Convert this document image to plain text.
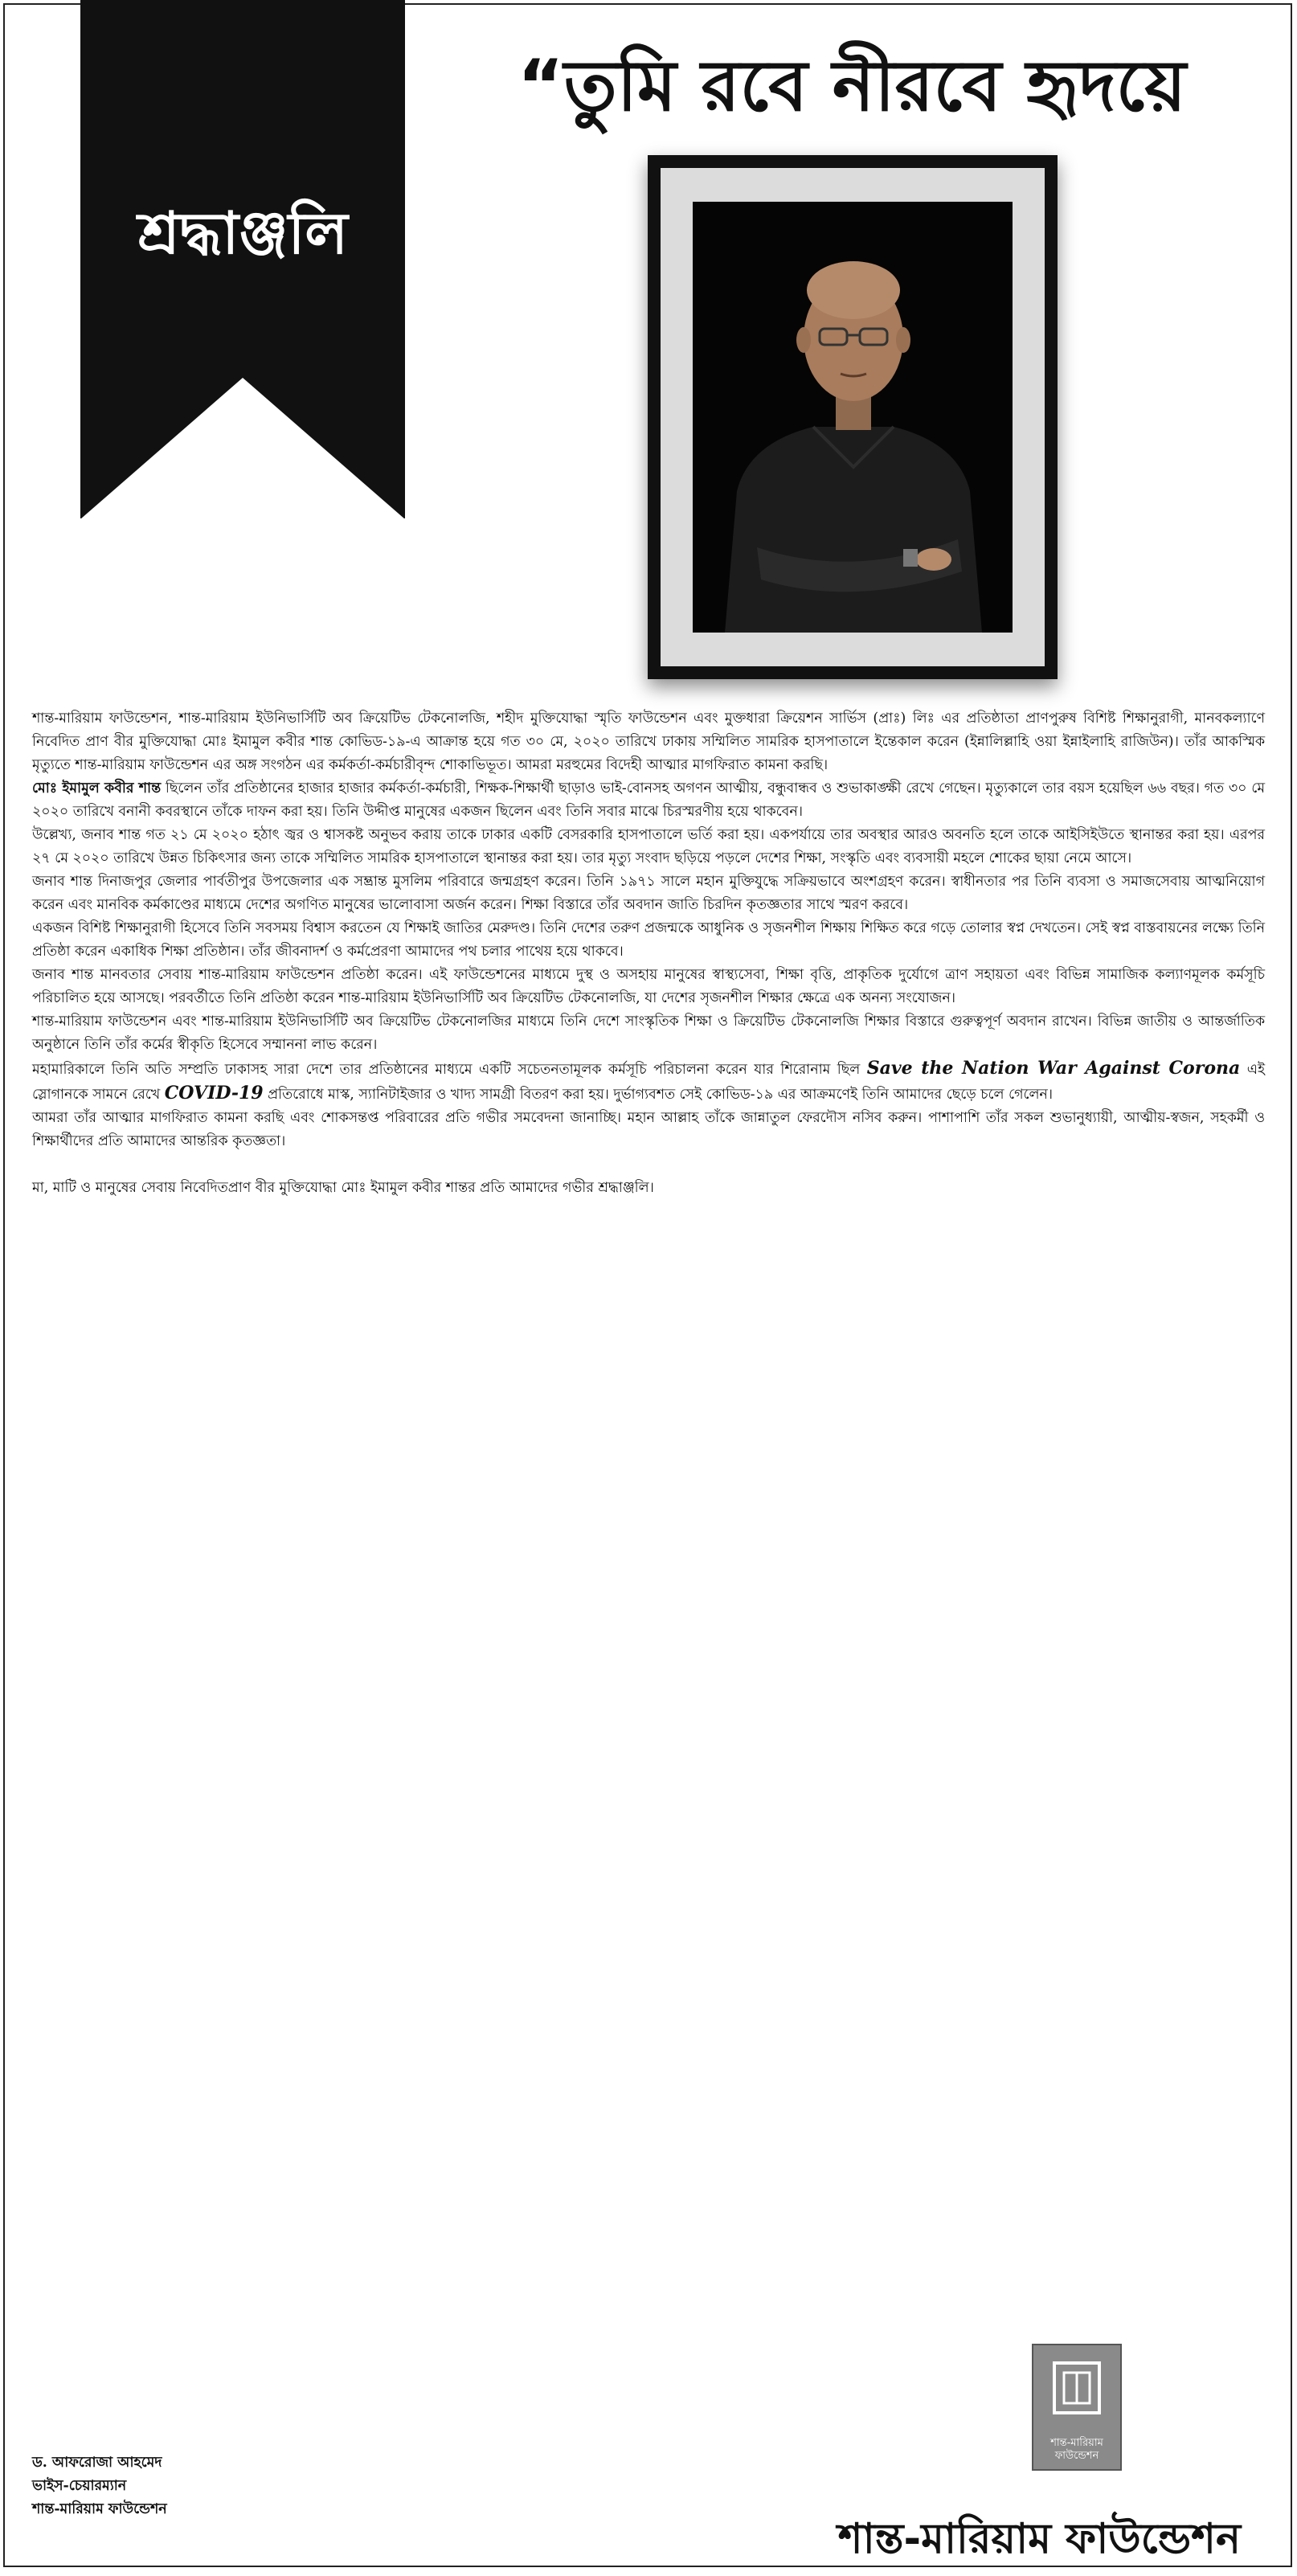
শ্রদ্ধাঞ্জলি
“তুমি রবে নীরবে হৃদয়ে

শান্ত-মারিয়াম ফাউন্ডেশন, শান্ত-মারিয়াম ইউনিভার্সিটি অব ক্রিয়েটিভ টেকনোলজি, শহীদ মুক্তিযোদ্ধা স্মৃতি ফাউন্ডেশন এবং মুক্তধারা ক্রিয়েশন সার্ভিস (প্রাঃ) লিঃ এর প্রতিষ্ঠাতা প্রাণপুরুষ বিশিষ্ট শিক্ষানুরাগী, মানবকল্যাণে নিবেদিত প্রাণ বীর মুক্তিযোদ্ধা মোঃ ইমামুল কবীর শান্ত কোভিড-১৯-এ আক্রান্ত হয়ে গত ৩০ মে, ২০২০ তারিখে ঢাকায় সম্মিলিত সামরিক হাসপাতালে ইন্তেকাল করেন (ইন্নালিল্লাহি ওয়া ইন্নাইলাহি রাজিউন)। তাঁর আকস্মিক মৃত্যুতে শান্ত-মারিয়াম ফাউন্ডেশন এর অঙ্গ সংগঠন এর কর্মকর্তা-কর্মচারীবৃন্দ শোকাভিভূত। আমরা মরহুমের বিদেহী আত্মার মাগফিরাত কামনা করছি।

মোঃ ইমামুল কবীর শান্ত ছিলেন তাঁর প্রতিষ্ঠানের হাজার হাজার কর্মকর্তা-কর্মচারী, শিক্ষক-শিক্ষার্থী ছাড়াও ভাই-বোনসহ অগণন আত্মীয়, বন্ধুবান্ধব ও শুভাকাঙ্ক্ষী রেখে গেছেন। মৃত্যুকালে তার বয়স হয়েছিল ৬৬ বছর। গত ৩০ মে ২০২০ তারিখে বনানী কবরস্থানে তাঁকে দাফন করা হয়। তিনি উদ্দীপ্ত মানুষের একজন ছিলেন এবং তিনি সবার মাঝে চিরস্মরণীয় হয়ে থাকবেন।

উল্লেখ্য, জনাব শান্ত গত ২১ মে ২০২০ হঠাৎ জ্বর ও শ্বাসকষ্ট অনুভব করায় তাকে ঢাকার একটি বেসরকারি হাসপাতালে ভর্তি করা হয়। একপর্যায়ে তার অবস্থার আরও অবনতি হলে তাকে আইসিইউতে স্থানান্তর করা হয়। এরপর ২৭ মে ২০২০ তারিখে উন্নত চিকিৎসার জন্য তাকে সম্মিলিত সামরিক হাসপাতালে স্থানান্তর করা হয়। তার মৃত্যু সংবাদ ছড়িয়ে পড়লে দেশের শিক্ষা, সংস্কৃতি এবং ব্যবসায়ী মহলে শোকের ছায়া নেমে আসে।

জনাব শান্ত দিনাজপুর জেলার পার্বতীপুর উপজেলার এক সম্ভ্রান্ত মুসলিম পরিবারে জন্মগ্রহণ করেন। তিনি ১৯৭১ সালে মহান মুক্তিযুদ্ধে সক্রিয়ভাবে অংশগ্রহণ করেন। স্বাধীনতার পর তিনি ব্যবসা ও সমাজসেবায় আত্মনিয়োগ করেন এবং মানবিক কর্মকাণ্ডের মাধ্যমে দেশের অগণিত মানুষের ভালোবাসা অর্জন করেন। শিক্ষা বিস্তারে তাঁর অবদান জাতি চিরদিন কৃতজ্ঞতার সাথে স্মরণ করবে।

একজন বিশিষ্ট শিক্ষানুরাগী হিসেবে তিনি সবসময় বিশ্বাস করতেন যে শিক্ষাই জাতির মেরুদণ্ড। তিনি দেশের তরুণ প্রজন্মকে আধুনিক ও সৃজনশীল শিক্ষায় শিক্ষিত করে গড়ে তোলার স্বপ্ন দেখতেন। সেই স্বপ্ন বাস্তবায়নের লক্ষ্যে তিনি প্রতিষ্ঠা করেন একাধিক শিক্ষা প্রতিষ্ঠান। তাঁর জীবনাদর্শ ও কর্মপ্রেরণা আমাদের পথ চলার পাথেয় হয়ে থাকবে।

জনাব শান্ত মানবতার সেবায় শান্ত-মারিয়াম ফাউন্ডেশন প্রতিষ্ঠা করেন। এই ফাউন্ডেশনের মাধ্যমে দুস্থ ও অসহায় মানুষের স্বাস্থ্যসেবা, শিক্ষা বৃত্তি, প্রাকৃতিক দুর্যোগে ত্রাণ সহায়তা এবং বিভিন্ন সামাজিক কল্যাণমূলক কর্মসূচি পরিচালিত হয়ে আসছে। পরবর্তীতে তিনি প্রতিষ্ঠা করেন শান্ত-মারিয়াম ইউনিভার্সিটি অব ক্রিয়েটিভ টেকনোলজি, যা দেশের সৃজনশীল শিক্ষার ক্ষেত্রে এক অনন্য সংযোজন।

শান্ত-মারিয়াম ফাউন্ডেশন এবং শান্ত-মারিয়াম ইউনিভার্সিটি অব ক্রিয়েটিভ টেকনোলজির মাধ্যমে তিনি দেশে সাংস্কৃতিক শিক্ষা ও ক্রিয়েটিভ টেকনোলজি শিক্ষার বিস্তারে গুরুত্বপূর্ণ অবদান রাখেন। বিভিন্ন জাতীয় ও আন্তর্জাতিক অনুষ্ঠানে তিনি তাঁর কর্মের স্বীকৃতি হিসেবে সম্মাননা লাভ করেন।

মহামারিকালে তিনি অতি সম্প্রতি ঢাকাসহ সারা দেশে তার প্রতিষ্ঠানের মাধ্যমে একটি সচেতনতামূলক কর্মসূচি পরিচালনা করেন যার শিরোনাম ছিল Save the Nation War Against Corona এই স্লোগানকে সামনে রেখে COVID-19 প্রতিরোধে মাস্ক, স্যানিটাইজার ও খাদ্য সামগ্রী বিতরণ করা হয়। দুর্ভাগ্যবশত সেই কোভিড-১৯ এর আক্রমণেই তিনি আমাদের ছেড়ে চলে গেলেন।

আমরা তাঁর আত্মার মাগফিরাত কামনা করছি এবং শোকসন্তপ্ত পরিবারের প্রতি গভীর সমবেদনা জানাচ্ছি। মহান আল্লাহ তাঁকে জান্নাতুল ফেরদৌস নসিব করুন। পাশাপাশি তাঁর সকল শুভানুধ্যায়ী, আত্মীয়-স্বজন, সহকর্মী ও শিক্ষার্থীদের প্রতি আমাদের আন্তরিক কৃতজ্ঞতা।

মা, মাটি ও মানুষের সেবায় নিবেদিতপ্রাণ বীর মুক্তিযোদ্ধা মোঃ ইমামুল কবীর শান্তর প্রতি আমাদের গভীর শ্রদ্ধাঞ্জলি।

শান্ত-মারিয়াম ফাউন্ডেশন
ড. আফরোজা আহমেদ
ভাইস-চেয়ারম্যান
শান্ত-মারিয়াম ফাউন্ডেশন
শান্ত-মারিয়াম ফাউন্ডেশন
